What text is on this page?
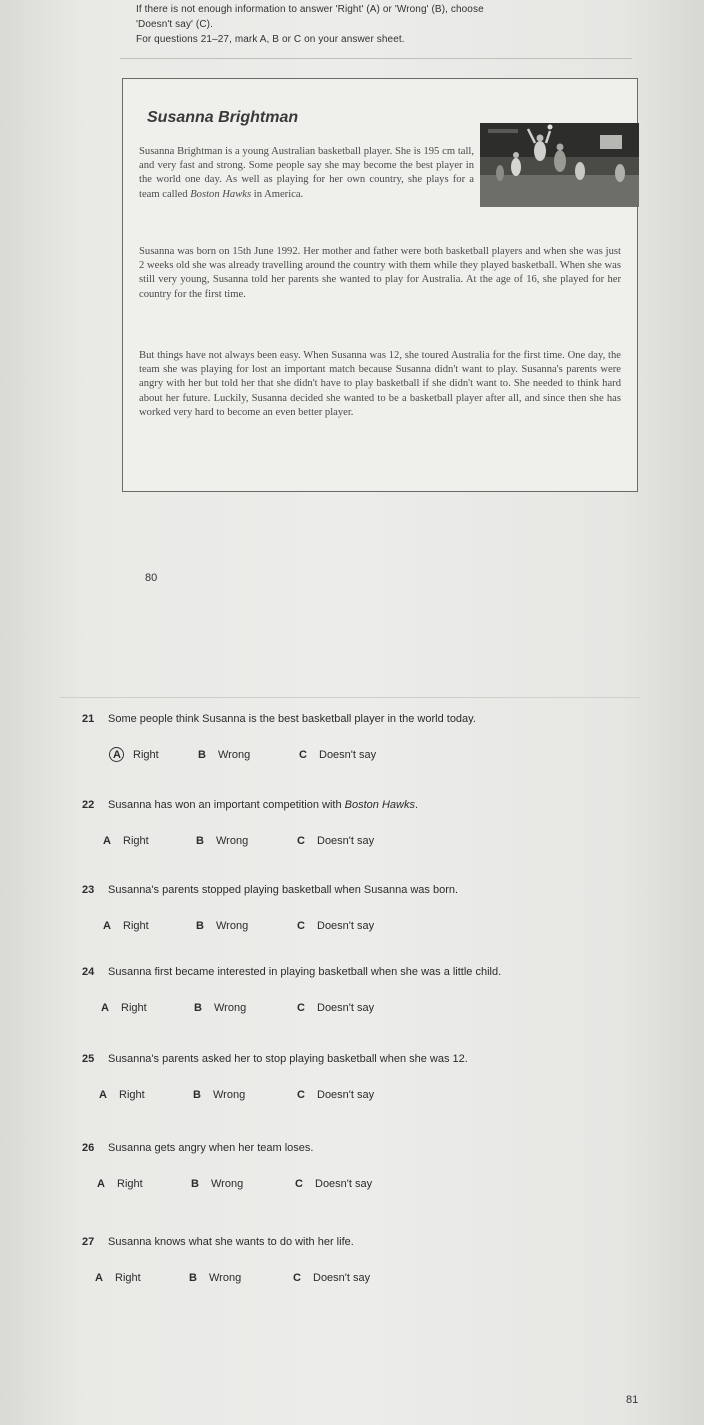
If there is not enough information to answer 'Right' (A) or 'Wrong' (B), choose
'Doesn't say' (C).
For questions 21–27, mark A, B or C on your answer sheet.
Susanna Brightman
Susanna Brightman is a young Australian basketball player. She is 195 cm tall, and very fast and strong. Some people say she may become the best player in the world one day. As well as playing for her own country, she plays for a team called Boston Hawks in America.
Susanna was born on 15th June 1992. Her mother and father were both basketball players and when she was just 2 weeks old she was already travelling around the country with them while they played basketball. When she was still very young, Susanna told her parents she wanted to play for Australia. At the age of 16, she played for her country for the first time.
But things have not always been easy. When Susanna was 12, she toured Australia for the first time. One day, the team she was playing for lost an important match because Susanna didn't want to play. Susanna's parents were angry with her but told her that she didn't have to play basketball if she didn't want to. She needed to think hard about her future. Luckily, Susanna decided she wanted to be a basketball player after all, and since then she has worked very hard to become an even better player.
80
21 Some people think Susanna is the best basketball player in the world today.
A Right	B Wrong	C Doesn't say
22 Susanna has won an important competition with Boston Hawks.
A Right	B Wrong	C Doesn't say
23 Susanna's parents stopped playing basketball when Susanna was born.
A Right	B Wrong	C Doesn't say
24 Susanna first became interested in playing basketball when she was a little child.
A Right	B Wrong	C Doesn't say
25 Susanna's parents asked her to stop playing basketball when she was 12.
A Right	B Wrong	C Doesn't say
26 Susanna gets angry when her team loses.
A Right	B Wrong	C Doesn't say
27 Susanna knows what she wants to do with her life.
A Right	B Wrong	C Doesn't say
81
